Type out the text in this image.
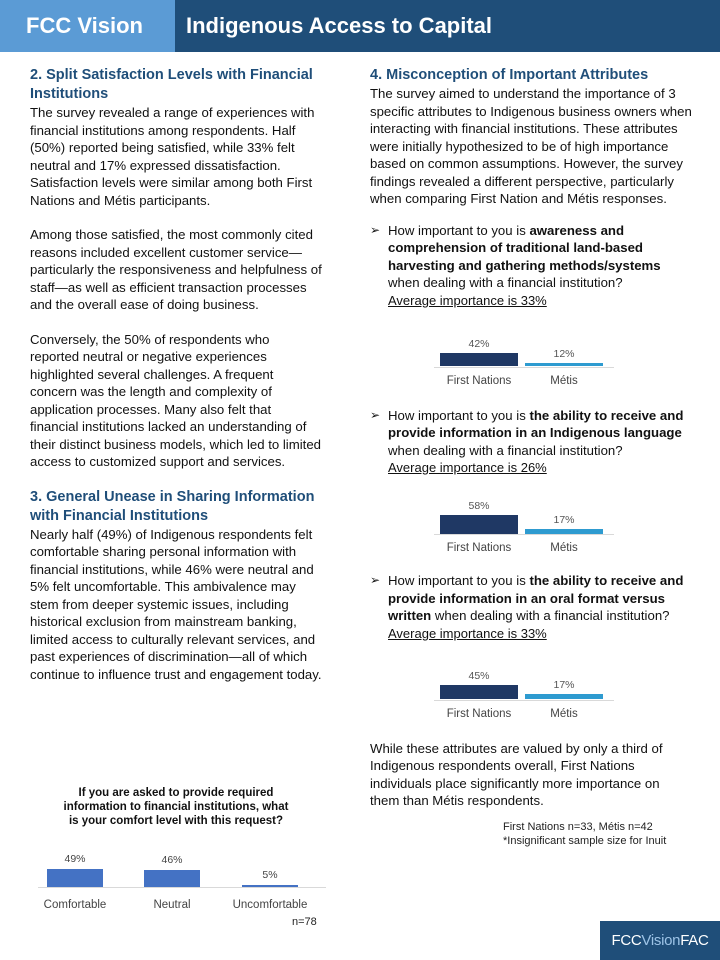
FCC Vision	Indigenous Access to Capital
2. Split Satisfaction Levels with Financial Institutions
The survey revealed a range of experiences with financial institutions among respondents. Half (50%) reported being satisfied, while 33% felt neutral and 17% expressed dissatisfaction. Satisfaction levels were similar among both First Nations and Métis participants.
Among those satisfied, the most commonly cited reasons included excellent customer service—particularly the responsiveness and helpfulness of staff—as well as efficient transaction processes and the overall ease of doing business.
Conversely, the 50% of respondents who reported neutral or negative experiences highlighted several challenges. A frequent concern was the length and complexity of application processes. Many also felt that financial institutions lacked an understanding of their distinct business models, which led to limited access to customized support and services.
3. General Unease in Sharing Information with Financial Institutions
Nearly half (49%) of Indigenous respondents felt comfortable sharing personal information with financial institutions, while 46% were neutral and 5% felt uncomfortable. This ambivalence may stem from deeper systemic issues, including historical exclusion from mainstream banking, limited access to culturally relevant services, and past experiences of discrimination—all of which continue to influence trust and engagement today.
If you are asked to provide required information to financial institutions, what is your comfort level with this request?
n=78
49%
Comfortable
46%
Neutral
5%
Uncomfortable
4. Misconception of Important Attributes
The survey aimed to understand the importance of 3 specific attributes to Indigenous business owners when interacting with financial institutions. These attributes were initially hypothesized to be of high importance based on common assumptions. However, the survey findings revealed a different perspective, particularly when comparing First Nation and Métis responses.
➢ How important to you is awareness and comprehension of traditional land-based harvesting and gathering methods/systems when dealing with a financial institution?
Average importance is 33%
42%
First Nations
12%
Métis
➢ How important to you is the ability to receive and provide information in an Indigenous language when dealing with a financial institution?
Average importance is 26%
58%
First Nations
17%
Métis
➢ How important to you is the ability to receive and provide information in an oral format versus written when dealing with a financial institution?
Average importance is 33%
45%
First Nations
17%
Métis
While these attributes are valued by only a third of Indigenous respondents overall, First Nations individuals place significantly more importance on them than Métis respondents.
First Nations n=33, Métis n=42
*Insignificant sample size for Inuit
FCC Vision FAC
